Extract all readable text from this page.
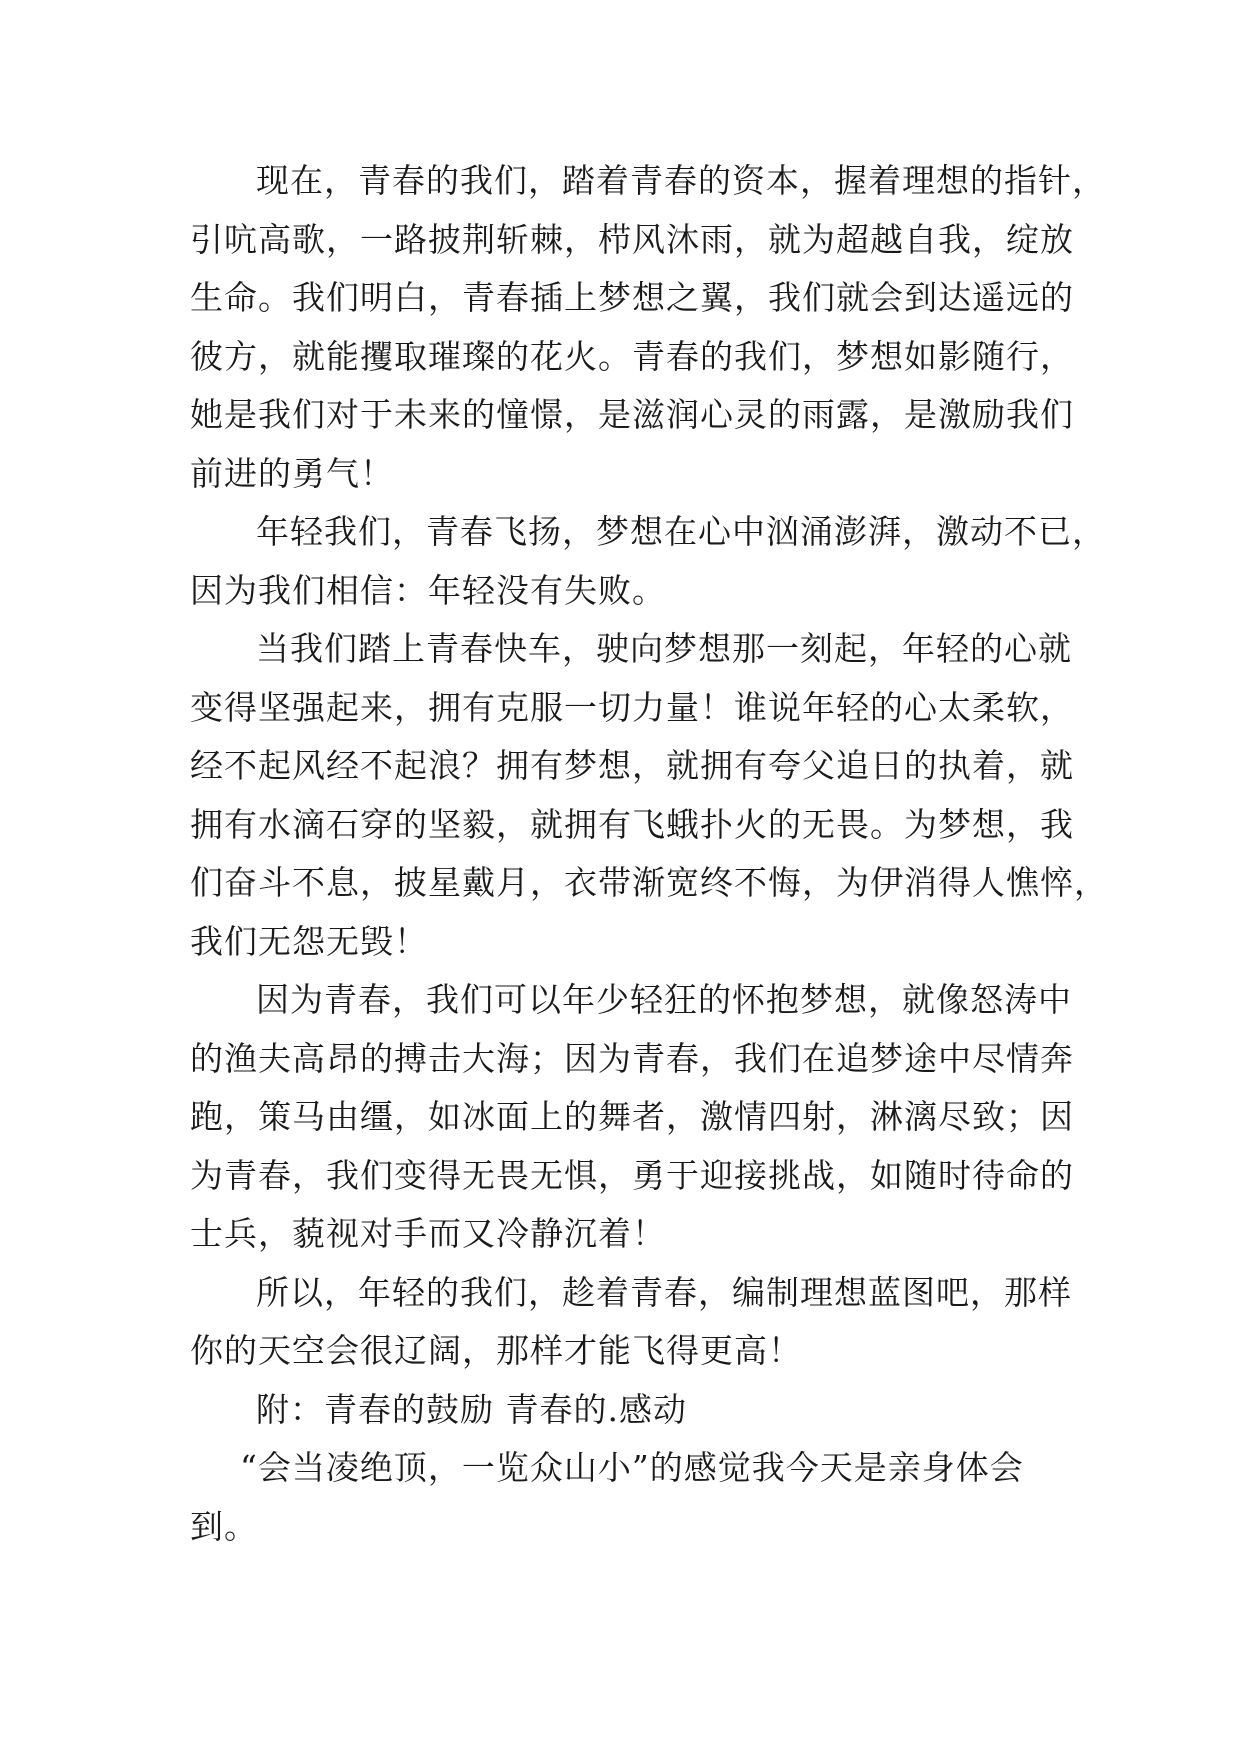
现在，青春的我们，踏着青春的资本，握着理想的指针，
引吭高歌，一路披荆斩棘，栉风沐雨，就为超越自我，绽放
生命。我们明白，青春插上梦想之翼，我们就会到达遥远的
彼方，就能攫取璀璨的花火。青春的我们，梦想如影随行，
她是我们对于未来的憧憬，是滋润心灵的雨露，是激励我们
前进的勇气！

年轻我们，青春飞扬，梦想在心中汹涌澎湃，激动不已，
因为我们相信：年轻没有失败。

当我们踏上青春快车，驶向梦想那一刻起，年轻的心就
变得坚强起来，拥有克服一切力量！谁说年轻的心太柔软，
经不起风经不起浪？拥有梦想，就拥有夸父追日的执着，就
拥有水滴石穿的坚毅，就拥有飞蛾扑火的无畏。为梦想，我
们奋斗不息，披星戴月，衣带渐宽终不悔，为伊消得人憔悴，
我们无怨无毁！

因为青春，我们可以年少轻狂的怀抱梦想，就像怒涛中
的渔夫高昂的搏击大海；因为青春，我们在追梦途中尽情奔
跑，策马由缰，如冰面上的舞者，激情四射，淋漓尽致；因
为青春，我们变得无畏无惧，勇于迎接挑战，如随时待命的
士兵，藐视对手而又冷静沉着！

所以，年轻的我们，趁着青春，编制理想蓝图吧，那样
你的天空会很辽阔，那样才能飞得更高！

附：青春的鼓励 青春的.感动

“会当凌绝顶，一览众山小”的感觉我今天是亲身体会
到。
